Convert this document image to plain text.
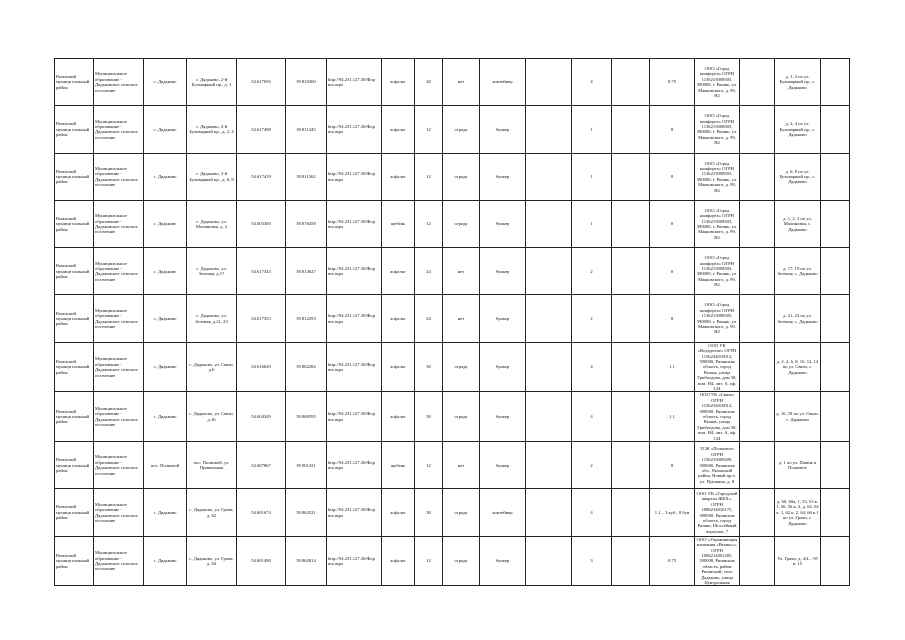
Рязанский муници пальный район	Муниципальное образование - Дядьковское сельское поселение	с. Дядьково	с. Дядьково, 2-й Бульварный пр., д. 1	54.617656	39.810300	http://94.231.127.30/Фор ma.aspx	асфальт	20	нет	контейнер		4		0.75	ООО «Город комфорта» ОГРН 1136215008505, 390000, г. Рязань, ул. Маяковского, д. 99, Н2		д. 1, 2 по ул. Бульварный пр., с. Дядьково	
Рязанский муници пальный район	Муниципальное образование - Дядьковское сельское поселение	с. Дядьково	с. Дядьково, 2-й Бульварный пр., д. 2, 4	54.617498	39.811345	http://94.231.127.30/Фор ma.aspx	асфальт	12	ограда	бункер		1		8	ООО «Город комфорта» ОГРН 1136215008505, 390000, г. Рязань, ул. Маяковского, д. 99, Н2		д. 2, 4 по ул. Бульварный пр., с. Дядьково	
Рязанский муници пальный район	Муниципальное образование - Дядьковское сельское поселение	с. Дядьково	с. Дядьково, 2-й Бульварный пр., д. 6, 8	54.617419	39.811362	http://94.231.127.30/Фор ma.aspx	асфальт	12	ограда	бункер		1		8	ООО «Город комфорта» ОГРН 1136215008505, 390000, г. Рязань, ул. Маяковского, д. 99, Н2		д. 6, 8 по ул. Бульварный пр., с. Дядьково	
Рязанский муници пальный район	Муниципальное образование - Дядьковское сельское поселение	с. Дядьково	с. Дядьково, ул. Малиновая, д. 2	54.603300	39.876458	http://94.231.127.30/Фор ma.aspx	щебень	12	ограда	бункер		1		8	ООО «Город комфорта» ОГРН 1136215008505, 390000, г. Рязань, ул. Маяковского, д. 99, Н2		д. 1, 2, 3 по ул. Малиновая, с. Дядьково	
Рязанский муници пальный район	Муниципальное образование - Дядьковское сельское поселение	с. Дядьково	с. Дядьково, ул. Зеленая, д.17	54.617343	39.814627	http://94.231.127.30/Фор ma.aspx	асфальт	24	нет	бункер		2		8	ООО «Город комфорта» ОГРН 1136215008505, 390000, г. Рязань, ул. Маяковского, д. 99, Н2		д. 17, 19 по ул. Зеленая, с. Дядьково	
Рязанский муници пальный район	Муниципальное образование - Дядьковское сельское поселение	с. Дядьково	с. Дядьково, ул. Зеленая, д.21, 23	54.617353	39.812293	http://94.231.127.30/Фор ma.aspx	асфальт	24	нет	бункер		2		8	ООО «Город комфорта» ОГРН 1136215008505, 390000, г. Рязань, ул. Маяковского, д. 99, Н2		д. 21, 23 по ул. Зеленая, с. Дядьково	
Рязанский муници пальный район	Муниципальное образование - Дядьковское сельское поселение	с. Дядьково	с. Дядьково, ул. Связи, д.6	54.616620	39.862282	http://94.231.127.30/Фор ma.aspx	асфальт	50	ограда	бункер		4		1.1	ООО УК «Вододелие» ОГРН 1156234010012, 390000, Рязанская область, город Рязань, улица Грибоедова, дом 58, пом. Н4, лит. А, оф. 124		д. 2, 4, 6, 8, 10, 12, 14 по ул. Связи, с. Дядьково	
Рязанский муници пальный район	Муниципальное образование - Дядьковское сельское поселение	с. Дядьково	с. Дядьково, ул. Связи, д.16	54.604349	39.868595	http://94.231.127.30/Фор ma.aspx	асфальт	50	ограда	бункер		4		1.1	ООО УК «Связь» ОГРН 1156234010012, 390000, Рязанская область, город Рязань, улица Грибоедова, дом 58, пом. Н4, лит. А, оф. 124		д. 16, 18 по ул. Связи, с. Дядьково	
Рязанский муници пальный район	Муниципальное образование - Дядьковское сельское поселение	пос. Полковой	пос. Полковой, ул. Прикольная	54.607867	39.901431	http://94.231.127.30/Фор ma.aspx	щебень	12	нет	бункер		2		8	ТСЖ «Полковое» ОГРН 1136215009209, 390000, Рязанская обл., Рязанский район, Новый пр-т, ул. Пушкина, д. 8		д. 1 по ул. Пашнь в Полковое	
Рязанский муници пальный район	Муниципальное образование - Дядьковское сельское поселение	с. Дядьково	с. Дядьково, ул. Грачи, д. 62	54.601674	39.862521	http://94.231.127.30/Фор ma.aspx	асфальт	30	ограда	контейнер		4		1.1 – 3 куб.; 8 бун	ООО УК «Городской квартал ЖКХ», ОГРН 1086234010175, 390000, Рязанская область, город Рязань, Шоссейный переулок, 7		д. 60, 60а, 1, 53, 53 к. 1, 56, 56 к. 2, д. 62, 62 к. 1, 62 к. 2, 64, 66 к.1 по ул. Грачи, с. Дядьково	
Рязанский муници пальный район	Муниципальное образование - Дядьковское сельское поселение	с. Дядьково	с. Дядьково, ул. Грачи, д. 84	54.601490	39.862814	http://94.231.127.30/Фор ma.aspx	асфальт	12	ограда	бункер		3		0.75	ООО «Управляющая компания «Рязань»», ОГРН 1066214001205, 390000, Рязанская область, район Рязанский, село Дядьково, улица Центральная		Ул. Грачи, д. 4/4 – 95 к. 15	
